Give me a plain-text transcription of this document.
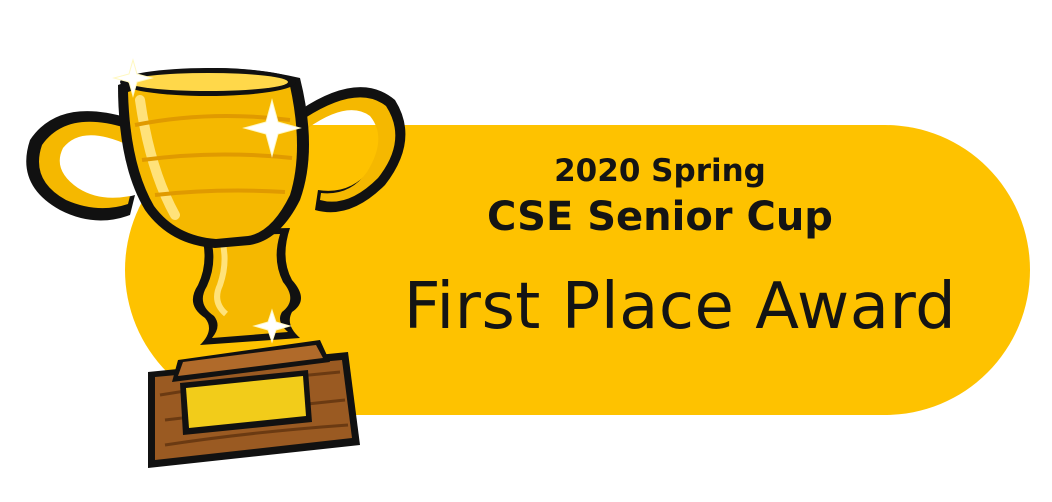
2020 Spring
CSE Senior Cup
First Place Award
